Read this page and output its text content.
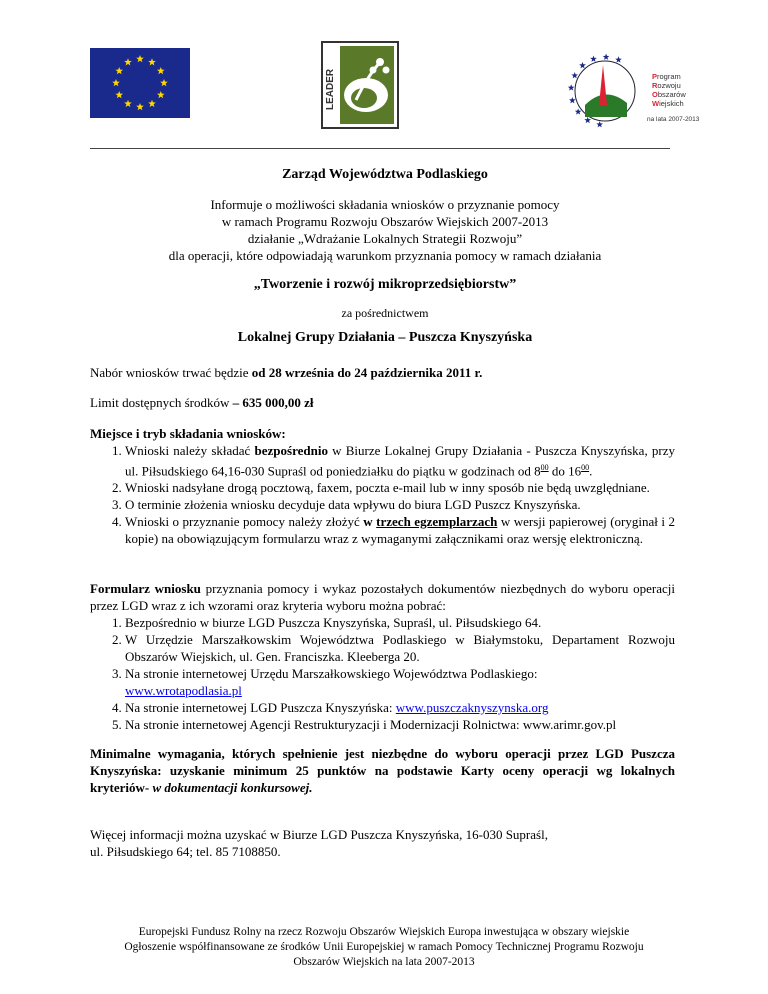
LEADER	Program
Rozwoju
Obszarów
Wiejskich
na lata 2007-2013
Zarząd Województwa Podlaskiego
Informuje o możliwości składania wniosków o przyznanie pomocy
w ramach Programu Rozwoju Obszarów Wiejskich 2007-2013
działanie „Wdrażanie Lokalnych Strategii Rozwoju”
dla operacji, które odpowiadają warunkom przyznania pomocy w ramach działania
„Tworzenie i rozwój mikroprzedsiębiorstw”
za pośrednictwem
Lokalnej Grupy Działania – Puszcza Knyszyńska
Nabór wniosków trwać będzie od 28 września do 24 października 2011 r.
Limit dostępnych środków – 635 000,00 zł
Miejsce i tryb składania wniosków:
1. Wnioski należy składać bezpośrednio w Biurze Lokalnej Grupy Działania - Puszcza Knyszyńska, przy ul. Piłsudskiego 64,16-030 Supraśl od poniedziałku do piątku w godzinach od $8^{00}$ do $16^{00}$.
2. Wnioski nadsyłane drogą pocztową, faxem, poczta e-mail lub w inny sposób nie będą uwzględniane.
3. O terminie złożenia wniosku decyduje data wpływu do biura LGD Puszcz Knyszyńska.
4. Wnioski o przyznanie pomocy należy złożyć w trzech egzemplarzach w wersji papierowej (oryginał i 2 kopie) na obowiązującym formularzu wraz z wymaganymi załącznikami oraz wersję elektroniczną.
Formularz wniosku przyznania pomocy i wykaz pozostałych dokumentów niezbędnych do wyboru operacji przez LGD wraz z ich wzorami oraz kryteria wyboru można pobrać:
1. Bezpośrednio w biurze LGD Puszcza Knyszyńska, Supraśl, ul. Piłsudskiego 64.
2. W Urzędzie Marszałkowskim Województwa Podlaskiego w Białymstoku, Departament Rozwoju Obszarów Wiejskich, ul. Gen. Franciszka. Kleeberga 20.
3. Na stronie internetowej Urzędu Marszałkowskiego Województwa Podlaskiego:
www.wrotapodlasia.pl
4. Na stronie internetowej LGD Puszcza Knyszyńska: www.puszczaknyszynska.org
5. Na stronie internetowej Agencji Restrukturyzacji i Modernizacji Rolnictwa: www.arimr.gov.pl
Minimalne wymagania, których spełnienie jest niezbędne do wyboru operacji przez LGD Puszcza Knyszyńska: uzyskanie minimum 25 punktów na podstawie Karty oceny operacji wg lokalnych kryteriów- w dokumentacji konkursowej.
Więcej informacji można uzyskać w Biurze LGD Puszcza Knyszyńska, 16-030 Supraśl,
ul. Piłsudskiego 64; tel. 85 7108850.
Europejski Fundusz Rolny na rzecz Rozwoju Obszarów Wiejskich Europa inwestująca w obszary wiejskie
Ogłoszenie współfinansowane ze środków Unii Europejskiej w ramach Pomocy Technicznej Programu Rozwoju
Obszarów Wiejskich na lata 2007-2013
